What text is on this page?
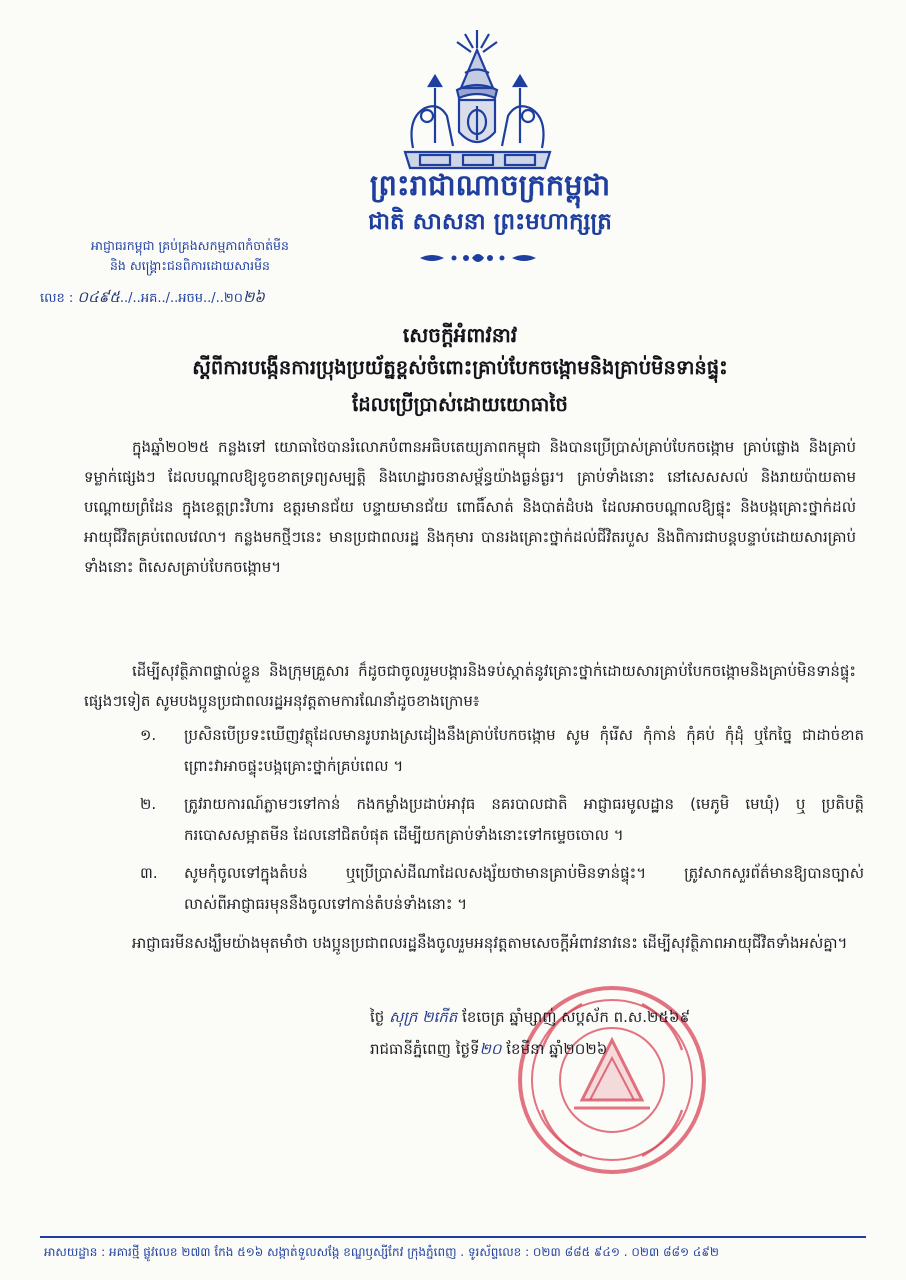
ព្រះរាជាណាចក្រកម្ពុជា
ជាតិ សាសនា ព្រះមហាក្សត្រ
អាជ្ញាធរកម្ពុជា គ្រប់គ្រងសកម្មភាពកំចាត់មីន
និង សង្គ្រោះជនពិការដោយសារមីន
លេខ : ០៤៩៥../..អគ../..អចម../..២០២៦
សេចក្តីអំពាវនាវ
ស្តីពីការបង្កើនការប្រុងប្រយ័ត្នខ្ពស់ចំពោះគ្រាប់បែកចង្កោមនិងគ្រាប់មិនទាន់ផ្ទុះ
ដែលប្រើប្រាស់ដោយយោធាថៃ
ក្នុងឆ្នាំ២០២៥ កន្លងទៅ យោធាថៃបានរំលោភបំពានអធិបតេយ្យភាពកម្ពុជា និងបានប្រើប្រាស់គ្រាប់បែកចង្កោម គ្រាប់ផ្លោង និងគ្រាប់ទម្លាក់ផ្សេងៗ ដែលបណ្តាលឱ្យខូចខាតទ្រព្យសម្បត្តិ និងហេដ្ឋារចនាសម្ព័ន្ធយ៉ាងធ្ងន់ធ្ងរ។ គ្រាប់ទាំងនោះ នៅសេសសល់ និងរាយប៉ាយតាមបណ្តោយព្រំដែន ក្នុងខេត្តព្រះវិហារ ឧត្តរមានជ័យ បន្ទាយមានជ័យ ពោធិ៍សាត់ និងបាត់ដំបង ដែលអាចបណ្តាលឱ្យផ្ទុះ និងបង្កគ្រោះថ្នាក់ដល់អាយុជីវិតគ្រប់ពេលវេលា។ កន្លងមកថ្មីៗនេះ មានប្រជាពលរដ្ឋ និងកុមារ បានរងគ្រោះថ្នាក់ដល់ជីវិតរបួស និងពិការជាបន្តបន្ទាប់ដោយសារគ្រាប់ទាំងនោះ ពិសេសគ្រាប់បែកចង្កោម។
ដើម្បីសុវត្ថិភាពផ្ទាល់ខ្លួន និងក្រុមគ្រួសារ ក៏ដូចជាចូលរួមបង្ការនិងទប់ស្កាត់នូវគ្រោះថ្នាក់ដោយសារគ្រាប់បែកចង្កោមនិងគ្រាប់មិនទាន់ផ្ទុះផ្សេងៗទៀត សូមបងប្អូនប្រជាពលរដ្ឋអនុវត្តតាមការណែនាំដូចខាងក្រោម៖
១. ប្រសិនបើប្រទះឃើញវត្ថុដែលមានរូបរាងស្រដៀងនឹងគ្រាប់បែកចង្កោម សូម កុំរើស កុំកាន់ កុំគប់ កុំដុំ ឬកែច្នៃ ជាដាច់ខាត ព្រោះវាអាចផ្ទុះបង្កគ្រោះថ្នាក់គ្រប់ពេល ។
២. ត្រូវរាយការណ៍ភ្លាមៗទៅកាន់ កងកម្លាំងប្រដាប់អាវុធ នគរបាលជាតិ អាជ្ញាធរមូលដ្ឋាន (មេភូមិ មេឃុំ) ឬ ប្រតិបត្តិករបោសសម្អាតមីន ដែលនៅជិតបំផុត ដើម្បីយកគ្រាប់ទាំងនោះទៅកម្ទេចចោល ។
៣. សូមកុំចូលទៅក្នុងតំបន់ ឬប្រើប្រាស់ដីណាដែលសង្ស័យថាមានគ្រាប់មិនទាន់ផ្ទុះ។ ត្រូវសាកសួរព័ត៌មានឱ្យបានច្បាស់លាស់ពីអាជ្ញាធរមុននឹងចូលទៅកាន់តំបន់ទាំងនោះ ។
អាជ្ញាធរមីនសង្ឃឹមយ៉ាងមុតមាំថា បងប្អូនប្រជាពលរដ្ឋនឹងចូលរួមអនុវត្តតាមសេចក្តីអំពាវនាវនេះ ដើម្បីសុវត្ថិភាពអាយុជីវិតទាំងអស់គ្នា។
ថ្ងៃ សុក្រ ២កើត ខែចេត្រ ឆ្នាំម្សាញ់ សប្តស័ក ព.ស.២៥៦៩
រាជធានីភ្នំពេញ ថ្ងៃទី២០ ខែមីនា ឆ្នាំ២០២៦
អាសយដ្ឋាន : អគារថ្មី ផ្លូវលេខ ២៧៣ កែង ៥១៦ សង្កាត់ទួលសង្កែ ខណ្ឌឫស្សីកែវ ក្រុងភ្នំពេញ . ទូរស័ព្ទលេខ : ០២៣ ៨៨៥ ៩៤១ . ០២៣ ៨៨១ ៤៩២
